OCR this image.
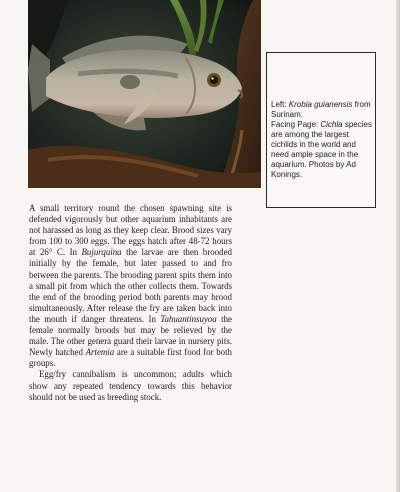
Left: Krobia guianensis from Surinam.

Facing Page: Cichla species are among the largest cichlids in the world and need ample space in the aquarium. Photos by Ad Konings.

A small territory round the chosen spawning site is defended vigorously but other aquarium inhabitants are not harassed as long as they keep clear. Brood sizes vary from 100 to 300 eggs. The eggs hatch after 48-72 hours at 26° C. In Bujurquina the larvae are then brooded initially by the female, but later passed to and fro between the parents. The brooding parent spits them into a small pit from which the other collects them. Towards the end of the brooding period both parents may brood simultaneously. After release the fry are taken back into the mouth if danger threatens. In Tahuantinsuyoa the female normally broods but may be relieved by the male. The other genera guard their larvae in nursery pits. Newly hatched Artemia are a suitable first food for both groups.

Egg/fry cannibalism is uncommon; adults which show any repeated tendency towards this behavior should not be used as breeding stock.
